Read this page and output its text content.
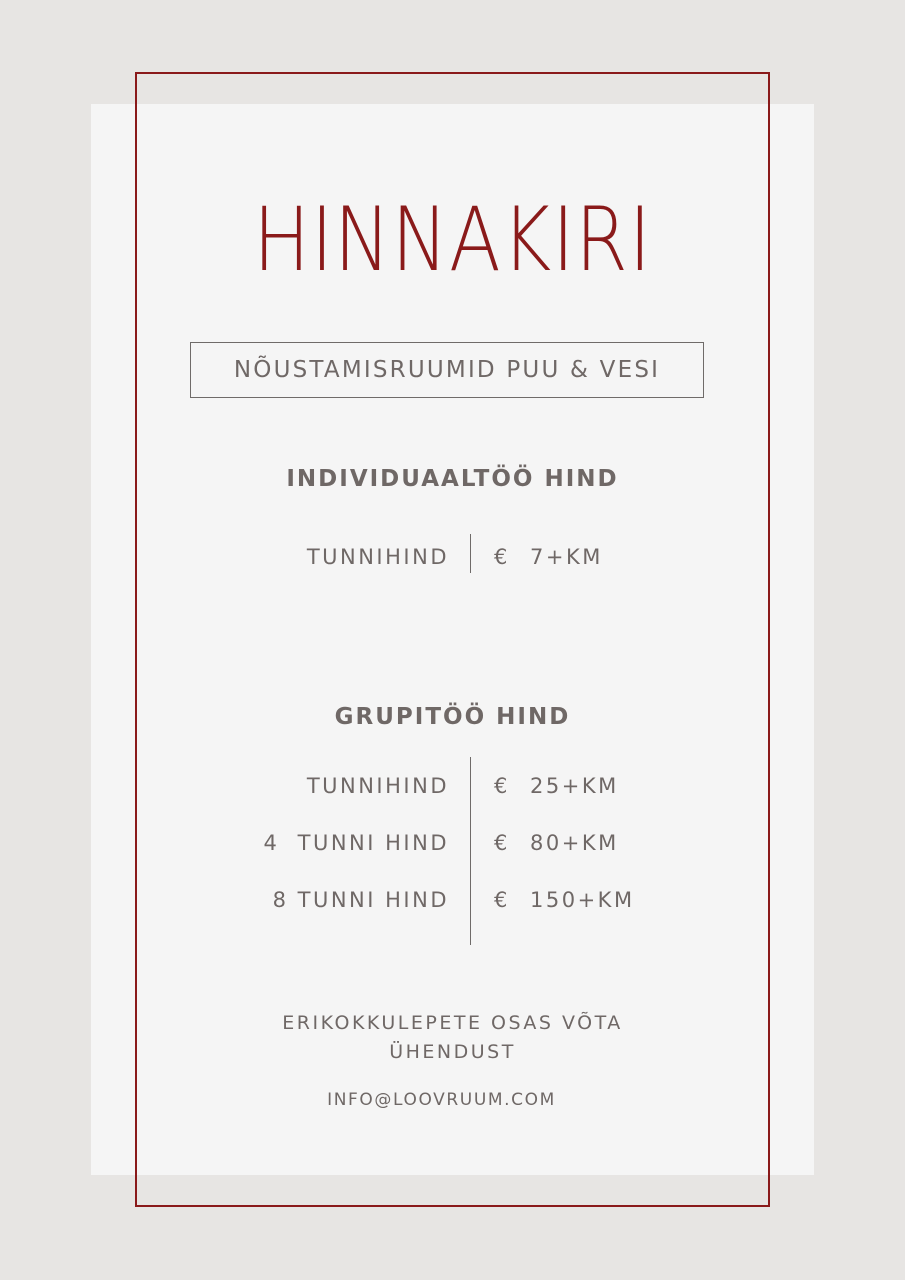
HINNAKIRI
NÕUSTAMISRUUMID PUU & VESI
INDIVIDUAALTÖÖ HIND
TUNNIHIND € 7+KM
GRUPITÖÖ HIND
TUNNIHIND € 25+KM
4  TUNNI HIND € 80+KM
8 TUNNI HIND € 150+KM
ERIKOKKULEPETE OSAS VÕTA
ÜHENDUST
INFO@LOOVRUUM.COM
